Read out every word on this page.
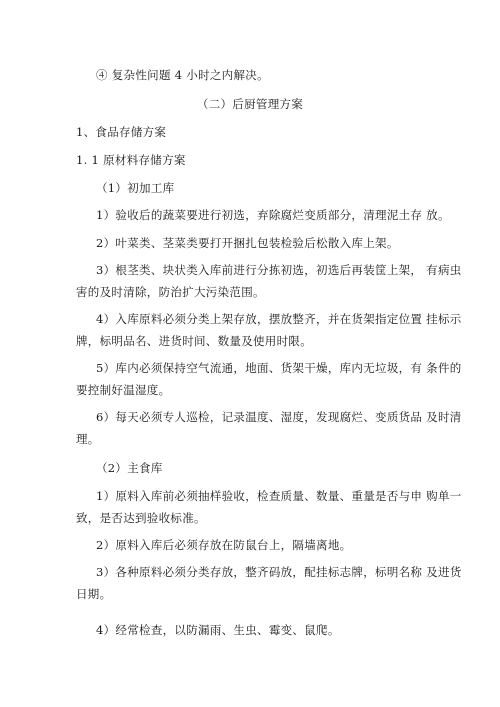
④ 复杂性问题 4 小时之内解决。
（二）后厨管理方案
1、食品存储方案
1. 1 原材料存储方案
（1）初加工库
1）验收后的蔬菜要进行初选，弃除腐烂变质部分，清理泥土存 放。
2）叶菜类、茎菜类要打开捆扎包装检验后松散入库上架。
3）根茎类、块状类入库前进行分拣初选，初选后再装筐上架， 有病虫
害的及时清除，防治扩大污染范围。
4）入库原料必须分类上架存放，摆放整齐，并在货架指定位置 挂标示
牌，标明品名、进货时间、数量及使用时限。
5）库内必须保持空气流通，地面、货架干燥，库内无垃圾，有 条件的
要控制好温湿度。
6）每天必须专人巡检，记录温度、湿度，发现腐烂、变质货品 及时清
理。
（2）主食库
1）原料入库前必须抽样验收，检查质量、数量、重量是否与申 购单一
致，是否达到验收标准。
2）原料入库后必须存放在防鼠台上，隔墙离地。
3）各种原料必须分类存放，整齐码放，配挂标志牌，标明名称 及进货
日期。
4）经常检查，以防漏雨、生虫、霉变、鼠爬。
